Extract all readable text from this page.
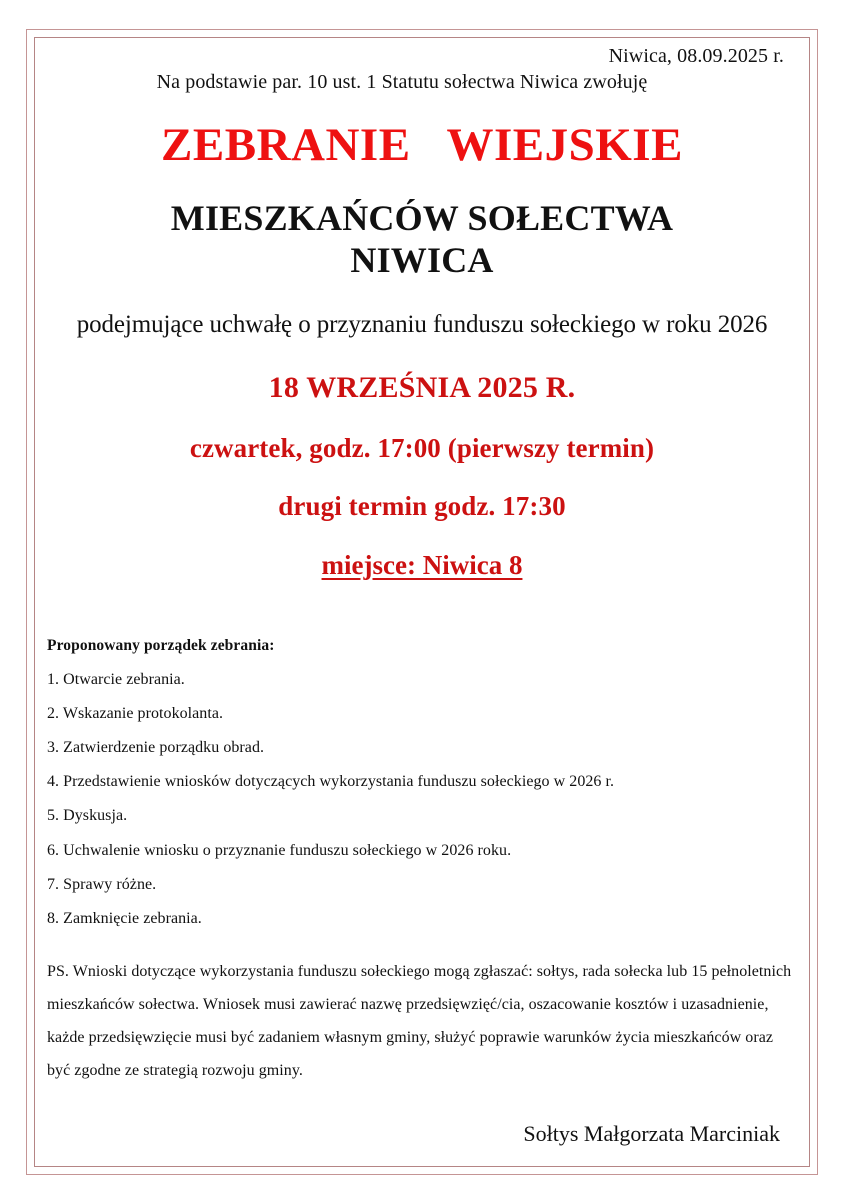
Niwica, 08.09.2025 r.
Na podstawie par. 10 ust. 1 Statutu sołectwa Niwica zwołuję
ZEBRANIE   WIEJSKIE
MIESZKAŃCÓW SOŁECTWA
NIWICA
podejmujące uchwałę o przyznaniu funduszu sołeckiego w roku 2026
18 WRZEŚNIA 2025 R.
czwartek, godz. 17:00 (pierwszy termin)
drugi termin godz. 17:30
miejsce: Niwica 8
Proponowany porządek zebrania:
1. Otwarcie zebrania.
2. Wskazanie protokolanta.
3. Zatwierdzenie porządku obrad.
4. Przedstawienie wniosków dotyczących wykorzystania funduszu sołeckiego w 2026 r.
5. Dyskusja.
6. Uchwalenie wniosku o przyznanie funduszu sołeckiego w 2026 roku.
7. Sprawy różne.
8. Zamknięcie zebrania.
PS. Wnioski dotyczące wykorzystania funduszu sołeckiego mogą zgłaszać: sołtys, rada sołecka lub 15 pełnoletnich mieszkańców sołectwa. Wniosek musi zawierać nazwę przedsięwzięć/cia, oszacowanie kosztów i uzasadnienie, każde przedsięwzięcie musi być zadaniem własnym gminy, służyć poprawie warunków życia mieszkańców oraz być zgodne ze strategią rozwoju gminy.
Sołtys Małgorzata Marciniak
